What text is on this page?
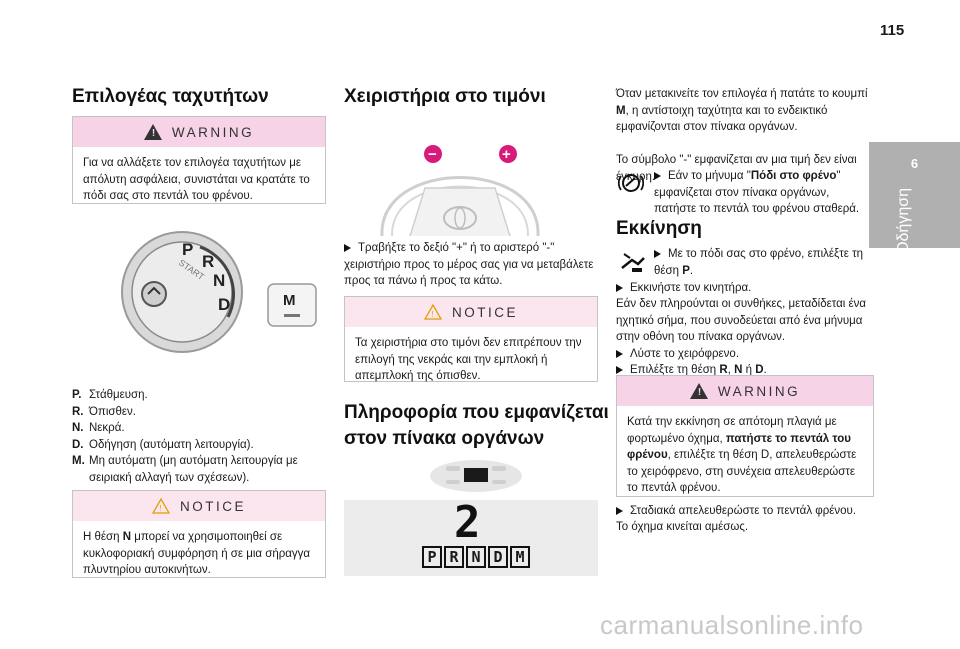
115
6
Οδήγηση
Επιλογέας ταχυτήτων
! WARNING
Για να αλλάξετε τον επιλογέα ταχυτήτων με απόλυτη ασφάλεια, συνιστάται να κρατάτε το πόδι σας στο πεντάλ του φρένου.
START
P
R
N
D	M
P. Στάθμευση.
R. Όπισθεν.
N. Νεκρά.
D. Οδήγηση (αυτόματη λειτουργία).
M. Μη αυτόματη (μη αυτόματη λειτουργία με σειριακή αλλαγή των σχέσεων).
! NOTICE
Η θέση N μπορεί να χρησιμοποιηθεί σε κυκλοφοριακή συμφόρηση ή σε μια σήραγγα πλυντηρίου αυτοκινήτων.
Χειριστήρια στο τιμόνι
−	+
Τραβήξτε το δεξιό "+" ή το αριστερό "-" χειριστήριο προς το μέρος σας για να μεταβάλετε προς τα πάνω ή προς τα κάτω.
! NOTICE
Τα χειριστήρια στο τιμόνι δεν επιτρέπουν την επιλογή της νεκράς και την εμπλοκή ή απεμπλοκή της όπισθεν.
Πληροφορία που εμφανίζεται
στον πίνακα οργάνων
2
P R N D M
Όταν μετακινείτε τον επιλογέα ή πατάτε το κουμπί M, η αντίστοιχη ταχύτητα και το ενδεικτικό εμφανίζονται στον πίνακα οργάνων.
Το σύμβολο "-" εμφανίζεται αν μια τιμή δεν είναι έγκυρη.	Εάν το μήνυμα "Πόδι στο φρένο" εμφανίζεται στον πίνακα οργάνων, πατήστε το πεντάλ του φρένου σταθερά.
Εκκίνηση
Με το πόδι σας στο φρένο, επιλέξτε τη θέση P.
Εκκινήστε τον κινητήρα.
Εάν δεν πληρούνται οι συνθήκες, μεταδίδεται ένα ηχητικό σήμα, που συνοδεύεται από ένα μήνυμα στην οθόνη του πίνακα οργάνων.
Λύστε το χειρόφρενο.
Επιλέξτε τη θέση R, N ή D.
! WARNING
Κατά την εκκίνηση σε απότομη πλαγιά με φορτωμένο όχημα, πατήστε το πεντάλ του φρένου, επιλέξτε τη θέση D, απελευθερώστε το χειρόφρενο, στη συνέχεια απελευθερώστε το πεντάλ φρένου.
Σταδιακά απελευθερώστε το πεντάλ φρένου.
Το όχημα κινείται αμέσως.
carmanualsonline.info
